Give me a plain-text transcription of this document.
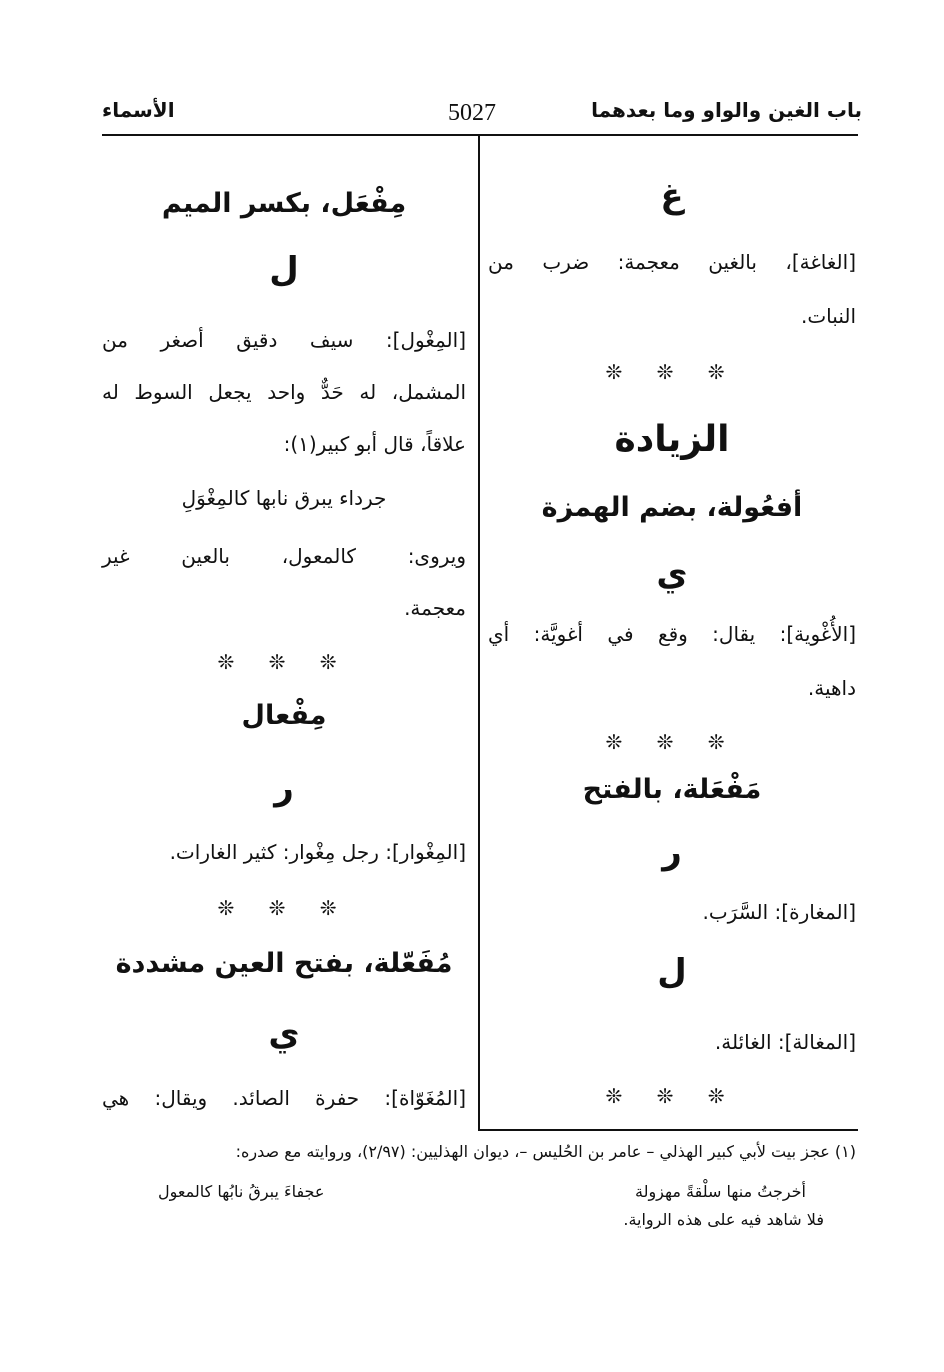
باب الغين والواو وما بعدهما
5027
الأسماء
غ
[الغاغة]، بالغين معجمة: ضرب من
النبات.
❊ ❊ ❊
الزيادة
أفعُولة، بضم الهمزة
ي
[الأُغْوية]: يقال: وقع في أغويَّة: أي
داهية.
❊ ❊ ❊
مَفْعَلة، بالفتح
ر
[المغارة]: السَّرَب.
ل
[المغالة]: الغائلة.
❊ ❊ ❊
مِفْعَل، بكسر الميم
ل
[المِغْول]: سيف دقيق أصغر من
المشمل، له حَدٌّ واحد يجعل السوط له
علاقاً، قال أبو كبير(١):
جرداء يبرق نابها كالمِغْوَلِ
ويروى: كالمعول، بالعين غير
معجمة.
❊ ❊ ❊
مِفْعال
ر
[المِغْوار]: رجل مِغْوار: كثير الغارات.
❊ ❊ ❊
مُفَعّلة، بفتح العين مشددة
ي
[المُغَوّاة]: حفرة الصائد. ويقال: هي
(١) عجز بيت لأبي كبير الهذلي – عامر بن الحُليس –، ديوان الهذليين: (٢/٩٧)، وروايته مع صدره:
أخرجتُ منها سلْقةً مهزولة
عجفاءَ يبرقُ نابُها كالمعول
فلا شاهد فيه على هذه الرواية.
